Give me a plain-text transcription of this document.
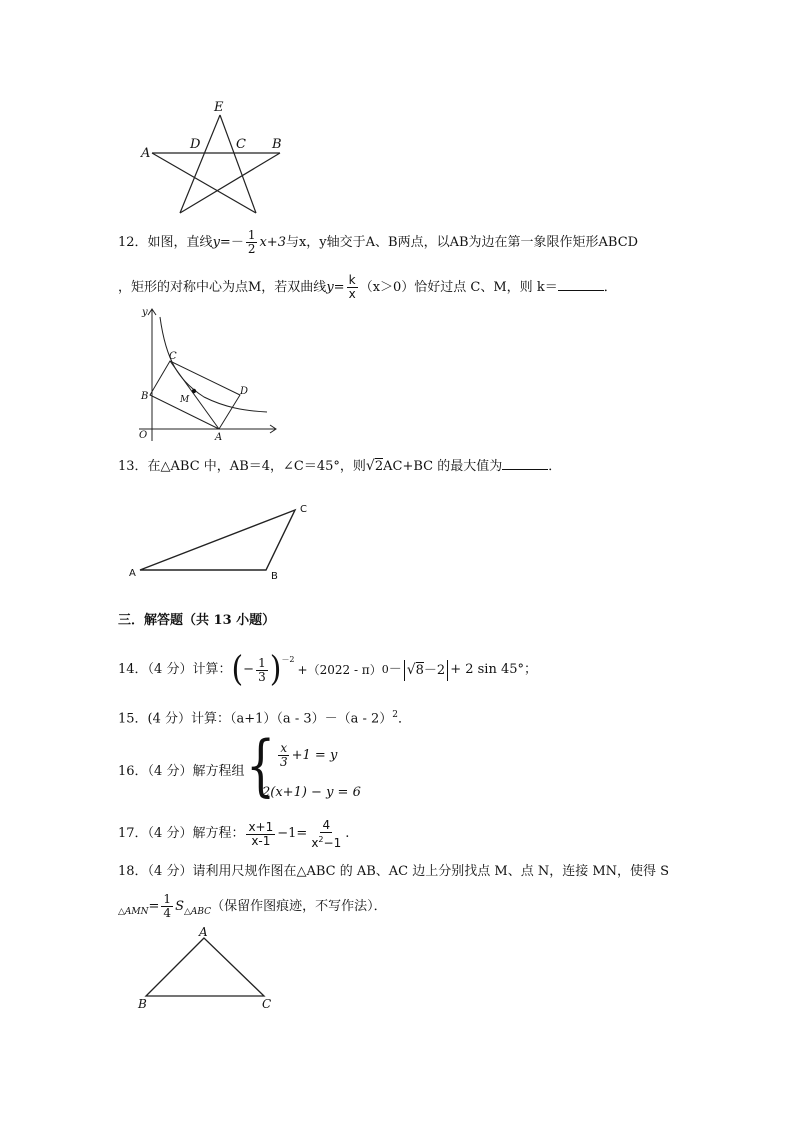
E
D	C
A
B
12．如图，直线$y=- \frac{1}{2} x+3$与x，y轴交于A、B两点，以AB为边在第一象限作矩形ABCD
，矩形的对称中心为点M，若双曲线$y= \frac{k}{x} (x>0)$恰好过点 C、M，则 k＝	．
y
C
D
B	M
O	A
13．在△ABC 中，AB＝4，∠C＝45°，则√2AC+BC 的最大值为	．
A	B
C
三．解答题（共 13 小题）
14．（4 分）计算： ( − $\frac{1}{3}$ ) －2
+（2022 - π） 0 － √8－2 + 2 sin 45° ；
15．(4 分）计算：（a+1）（a - 3）－（a - 2）$^2$．
16．（4 分）解方程组 { $\frac{x}{3} +1 = y$
2(x+1) − y = 6
17．（4 分）解方程： $\frac{x+1}{x-1} -1= \frac{4}{x^2-1}$ .
18．（4 分）请利用尺规作图在△ABC 的 AB、AC 边上分别找点 M、点 N，连接 MN，使得 S
△AMN = $\frac{1}{4}$ S △ABC （保留作图痕迹，不写作法）．
A
B	C
